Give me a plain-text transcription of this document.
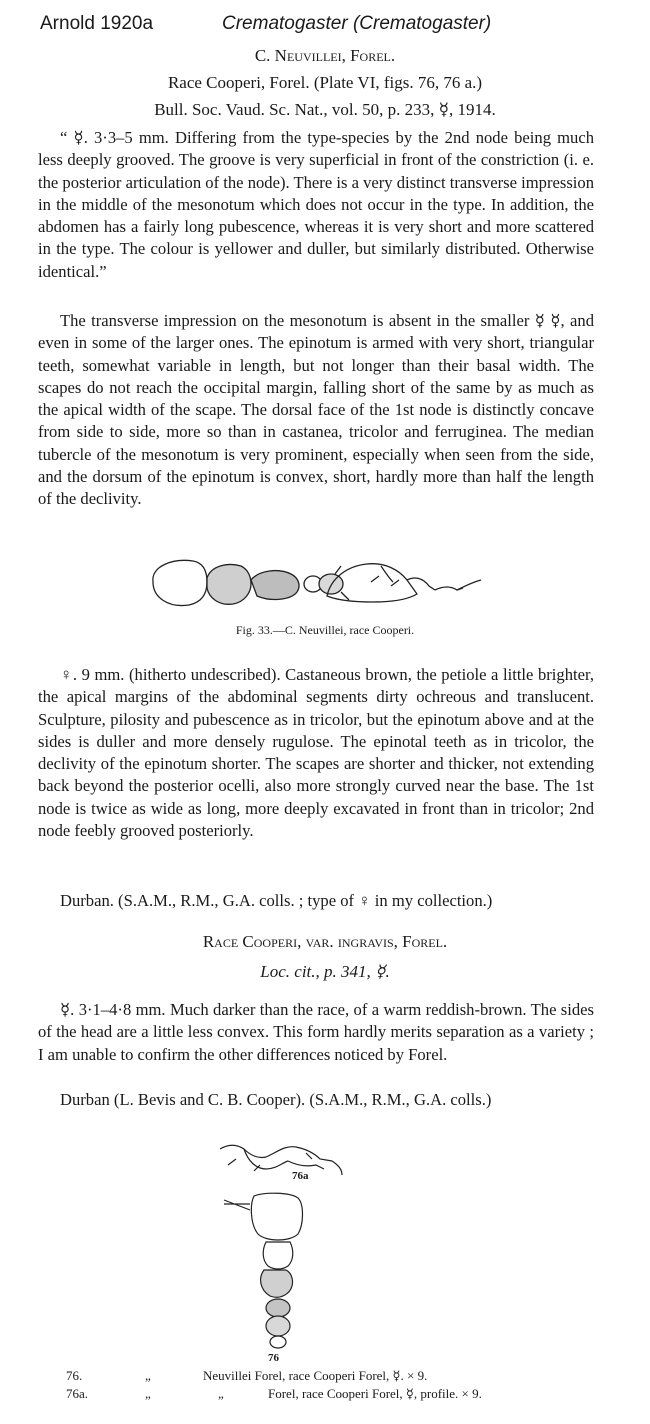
Arnold 1920a	Crematogaster (Crematogaster)
C. Neuvillei, Forel.
Race Cooperi, Forel. (Plate VI, figs. 76, 76 a.)
Bull. Soc. Vaud. Sc. Nat., vol. 50, p. 233, ☿, 1914.

“ ☿. 3·3–5 mm. Differing from the type-species by the 2nd node being much less deeply grooved. The groove is very superficial in front of the constriction (i. e. the posterior articulation of the node). There is a very distinct transverse impression in the middle of the mesonotum which does not occur in the type. In addition, the abdomen has a fairly long pubescence, whereas it is very short and more scattered in the type. The colour is yellower and duller, but similarly distributed. Otherwise identical.”

The transverse impression on the mesonotum is absent in the smaller ☿ ☿, and even in some of the larger ones. The epinotum is armed with very short, triangular teeth, somewhat variable in length, but not longer than their basal width. The scapes do not reach the occipital margin, falling short of the same by as much as the apical width of the scape. The dorsal face of the 1st node is distinctly concave from side to side, more so than in castanea, tricolor and ferruginea. The median tubercle of the mesonotum is very prominent, especially when seen from the side, and the dorsum of the epinotum is convex, short, hardly more than half the length of the declivity.

Fig. 33.—C. Neuvillei, race Cooperi.

♀. 9 mm. (hitherto undescribed). Castaneous brown, the petiole a little brighter, the apical margins of the abdominal segments dirty ochreous and translucent. Sculpture, pilosity and pubescence as in tricolor, but the epinotum above and at the sides is duller and more densely rugulose. The epinotal teeth as in tricolor, the declivity of the epinotum shorter. The scapes are shorter and thicker, not extending back beyond the posterior ocelli, also more strongly curved near the base. The 1st node is twice as wide as long, more deeply excavated in front than in tricolor; 2nd node feebly grooved posteriorly.

Durban. (S.A.M., R.M., G.A. colls. ; type of ♀ in my collection.)

Race Cooperi, var. ingravis, Forel.
Loc. cit., p. 341, ☿.

☿. 3·1–4·8 mm. Much darker than the race, of a warm reddish-brown. The sides of the head are a little less convex. This form hardly merits separation as a variety ; I am unable to confirm the other differences noticed by Forel.

Durban (L. Bevis and C. B. Cooper). (S.A.M., R.M., G.A. colls.)

76a
76
76.	„	Neuvillei Forel, race Cooperi Forel, ☿. × 9.
76a.	„	„	Forel, race Cooperi Forel, ☿, profile. × 9.
